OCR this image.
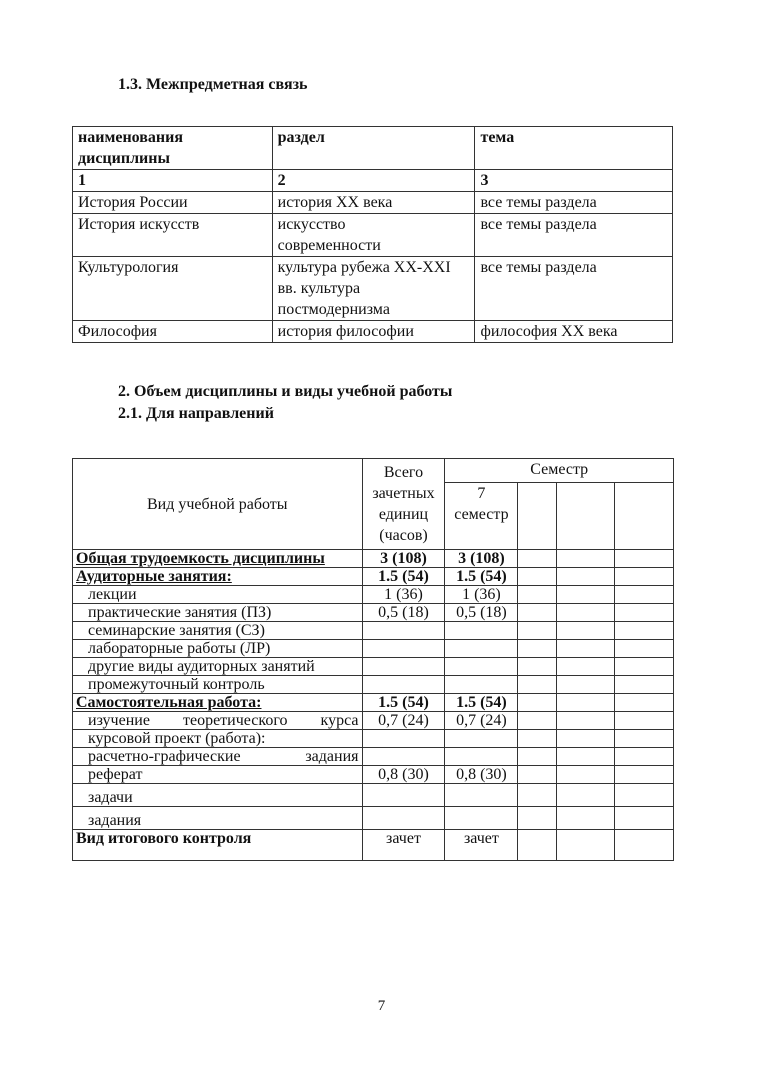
1.3. Межпредметная связь
наименования дисциплины	раздел	тема
1	2	3
История России	история XX века	все темы раздела
История искусств	искусство современности	все темы раздела
Культурология	культура рубежа XX-XXI вв. культура постмодернизма	все темы раздела
Философия	история философии	философия XX века
2. Объем дисциплины и виды учебной работы
2.1. Для направлений
Вид учебной работы	Всего зачетных единиц (часов)	Семестр			
		7 семестр			
Общая трудоемкость дисциплины	3 (108)	3 (108)			
Аудиторные занятия:	1.5 (54)	1.5 (54)			
лекции	1 (36)	1 (36)			
практические занятия (ПЗ)	0,5 (18)	0,5 (18)			
семинарские занятия (СЗ)					
лабораторные работы (ЛР)					
другие виды аудиторных занятий					
промежуточный контроль					
Самостоятельная работа:	1.5 (54)	1.5 (54)			
изучение теоретического курса	0,7 (24)	0,7 (24)			
курсовой проект (работа):					
расчетно-графические задания					
реферат	0,8 (30)	0,8 (30)			
задачи					
задания					
Вид итогового контроля	зачет	зачет			
7
